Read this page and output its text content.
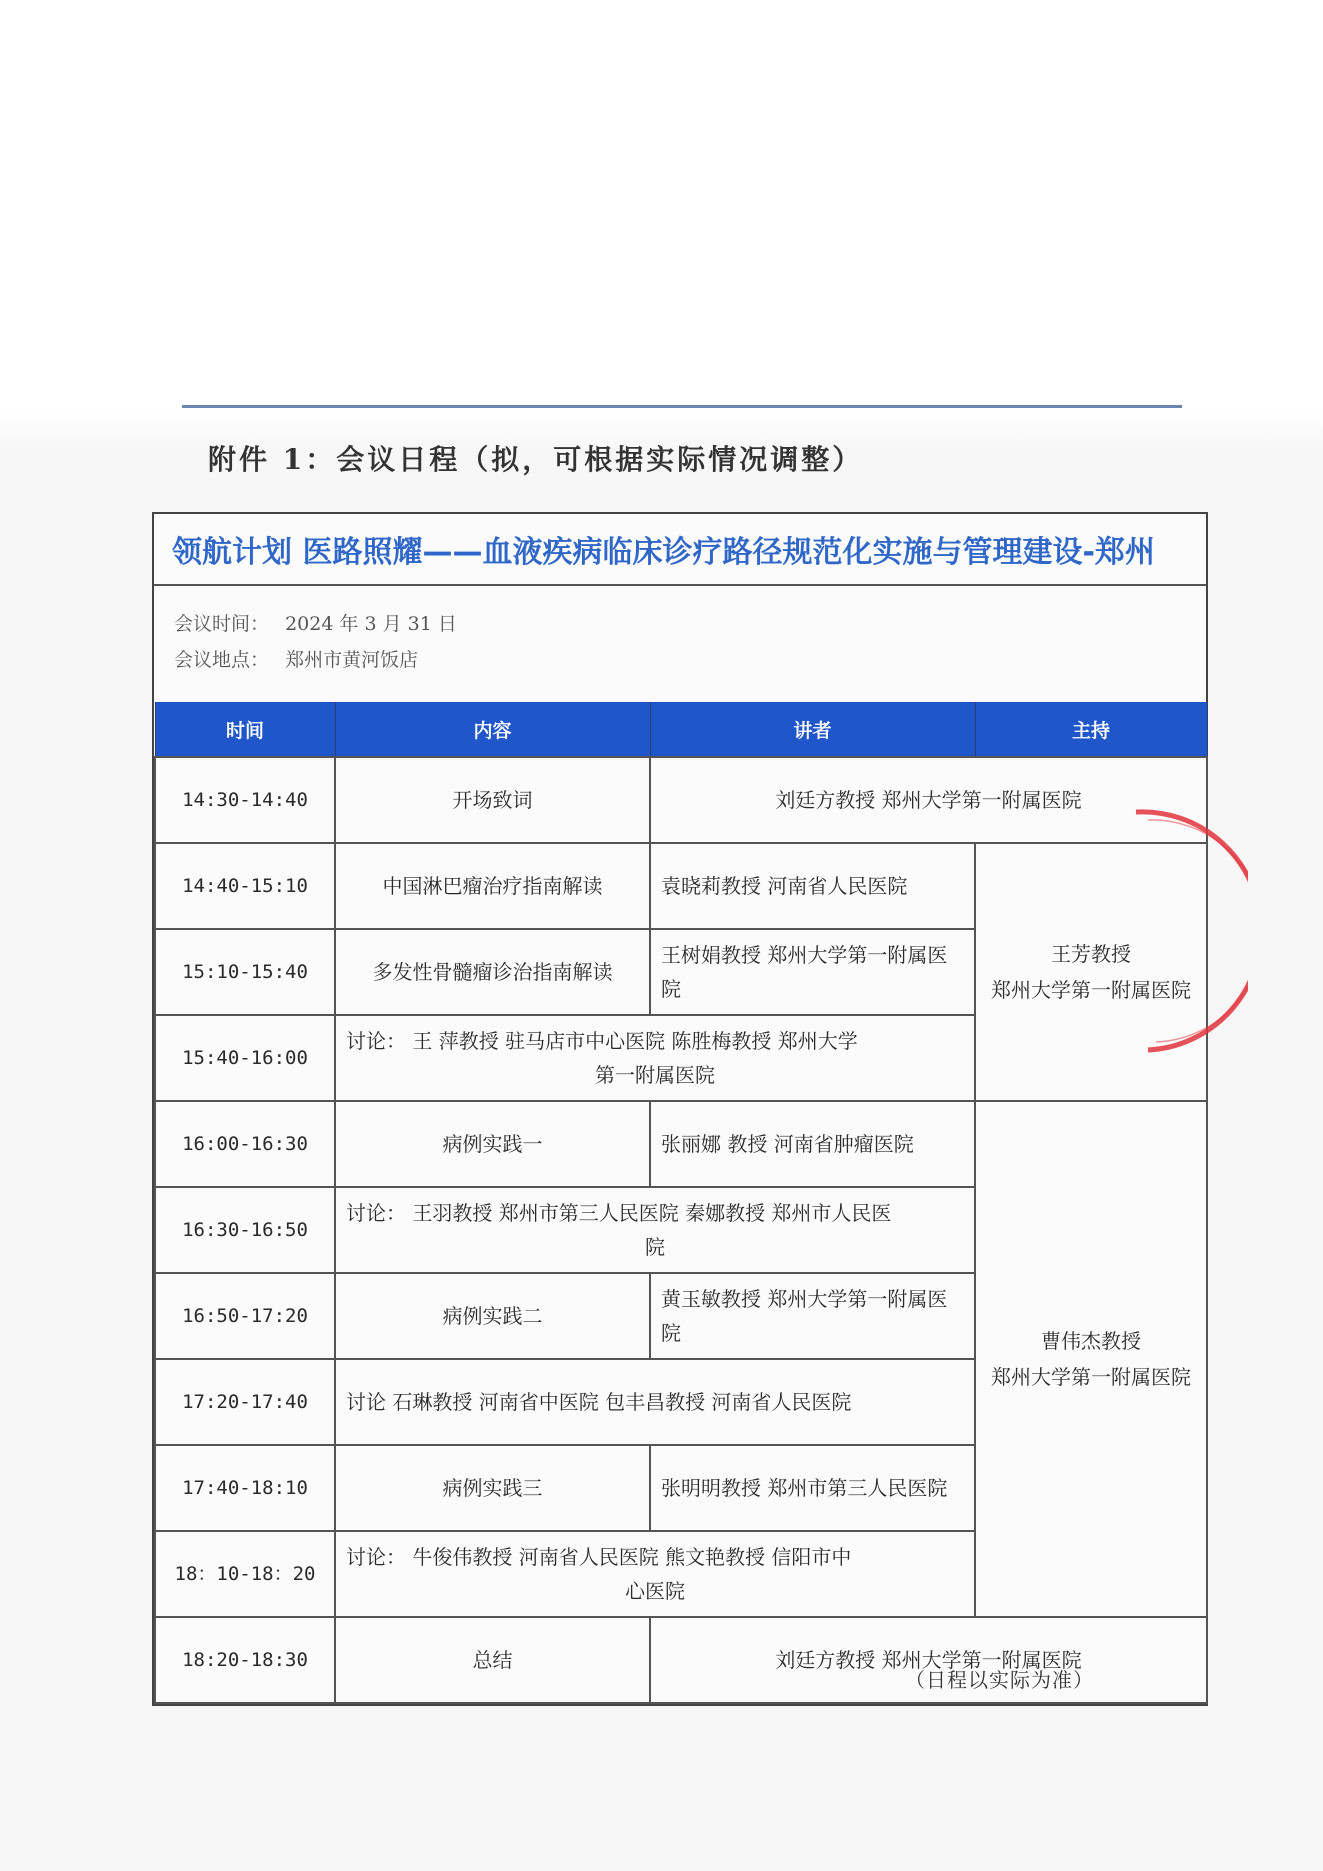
附件 1：会议日程（拟，可根据实际情况调整）
领航计划 医路照耀——血液疾病临床诊疗路径规范化实施与管理建设-郑州
会议时间： 2024 年 3 月 31 日
会议地点： 郑州市黄河饭店
时间	内容	讲者	主持
14:30-14:40	开场致词	刘廷方教授 郑州大学第一附属医院	
14:40-15:10	中国淋巴瘤治疗指南解读	袁晓莉教授 河南省人民医院	王芳教授
郑州大学第一附属医院

15:10-15:40	多发性骨髓瘤诊治指南解读	王树娟教授 郑州大学第一附属医院	
15:40-16:00	讨论： 王 萍教授 驻马店市中心医院 陈胜梅教授 郑州大学
第一附属医院		

16:00-16:30	病例实践一	张丽娜 教授 河南省肿瘤医院	曹伟杰教授
郑州大学第一附属医院

16:30-16:50	讨论： 王羽教授 郑州市第三人民医院 秦娜教授 郑州市人民医
院		

16:50-17:20	病例实践二	黄玉敏教授 郑州大学第一附属医院	
17:20-17:40	讨论 石琳教授 河南省中医院 包丰昌教授 河南省人民医院		
17:40-18:10	病例实践三	张明明教授 郑州市第三人民医院	
18：10-18：20	讨论： 牛俊伟教授 河南省人民医院 熊文艳教授 信阳市中
心医院		

18:20-18:30	总结	刘廷方教授 郑州大学第一附属医院	
（日程以实际为准）
